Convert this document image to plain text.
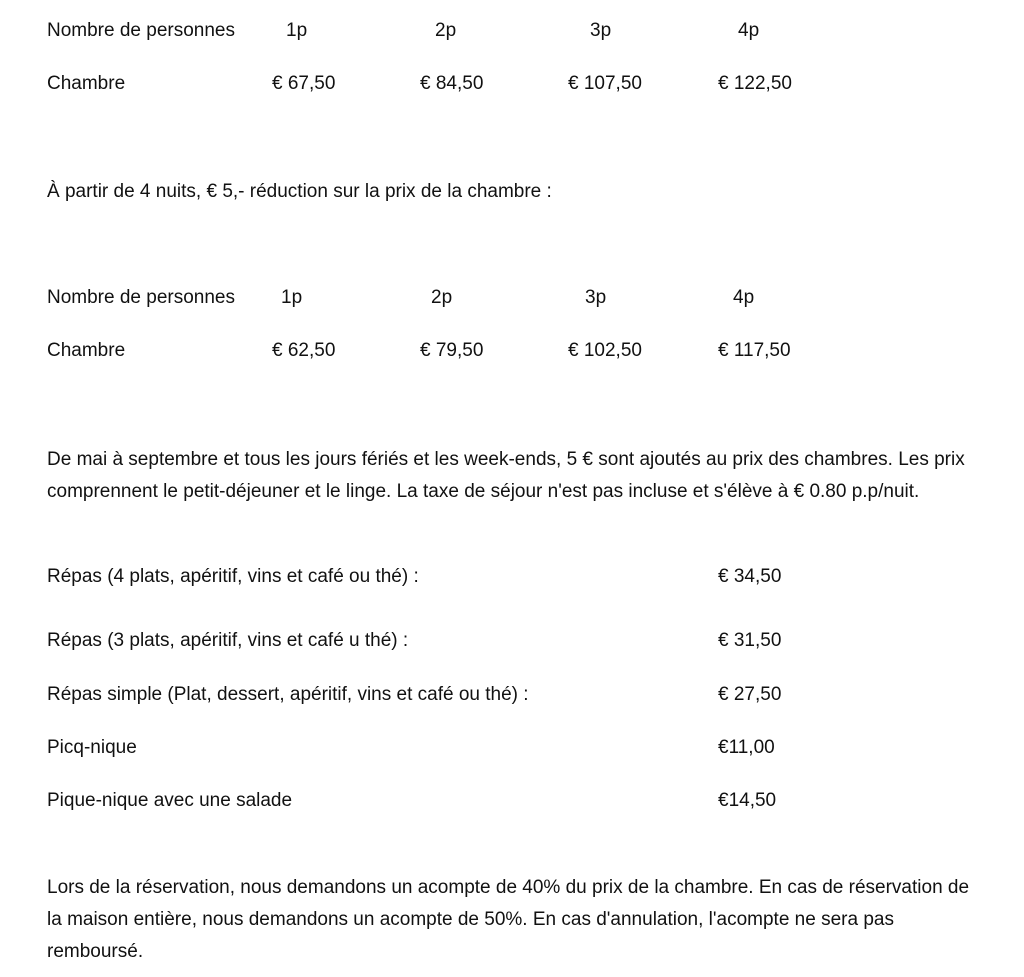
Nombre de personnes	1p	2p	3p	4p
Chambre	€ 67,50	€ 84,50	€ 107,50	€ 122,50
À partir de 4 nuits, € 5,- réduction sur la prix de la chambre :
Nombre de personnes 1p	2p	3p	4p
Chambre	€ 62,50	€ 79,50	€ 102,50	€ 117,50
De mai à septembre et tous les jours fériés et les week-ends, 5 € sont ajoutés au prix des chambres. Les prix comprennent le petit-déjeuner et le linge. La taxe de séjour n'est pas incluse et s'élève à € 0.80 p.p/nuit.
Répas (4 plats, apéritif, vins et café ou thé) :	€ 34,50
Répas (3 plats, apéritif, vins et café u thé) :	€ 31,50
Répas simple (Plat, dessert, apéritif, vins et café ou thé) :	€ 27,50
Picq-nique	€11,00
Pique-nique avec une salade	€14,50
Lors de la réservation, nous demandons un acompte de 40% du prix de la chambre. En cas de réservation de la maison entière, nous demandons un acompte de 50%. En cas d'annulation, l'acompte ne sera pas remboursé.
